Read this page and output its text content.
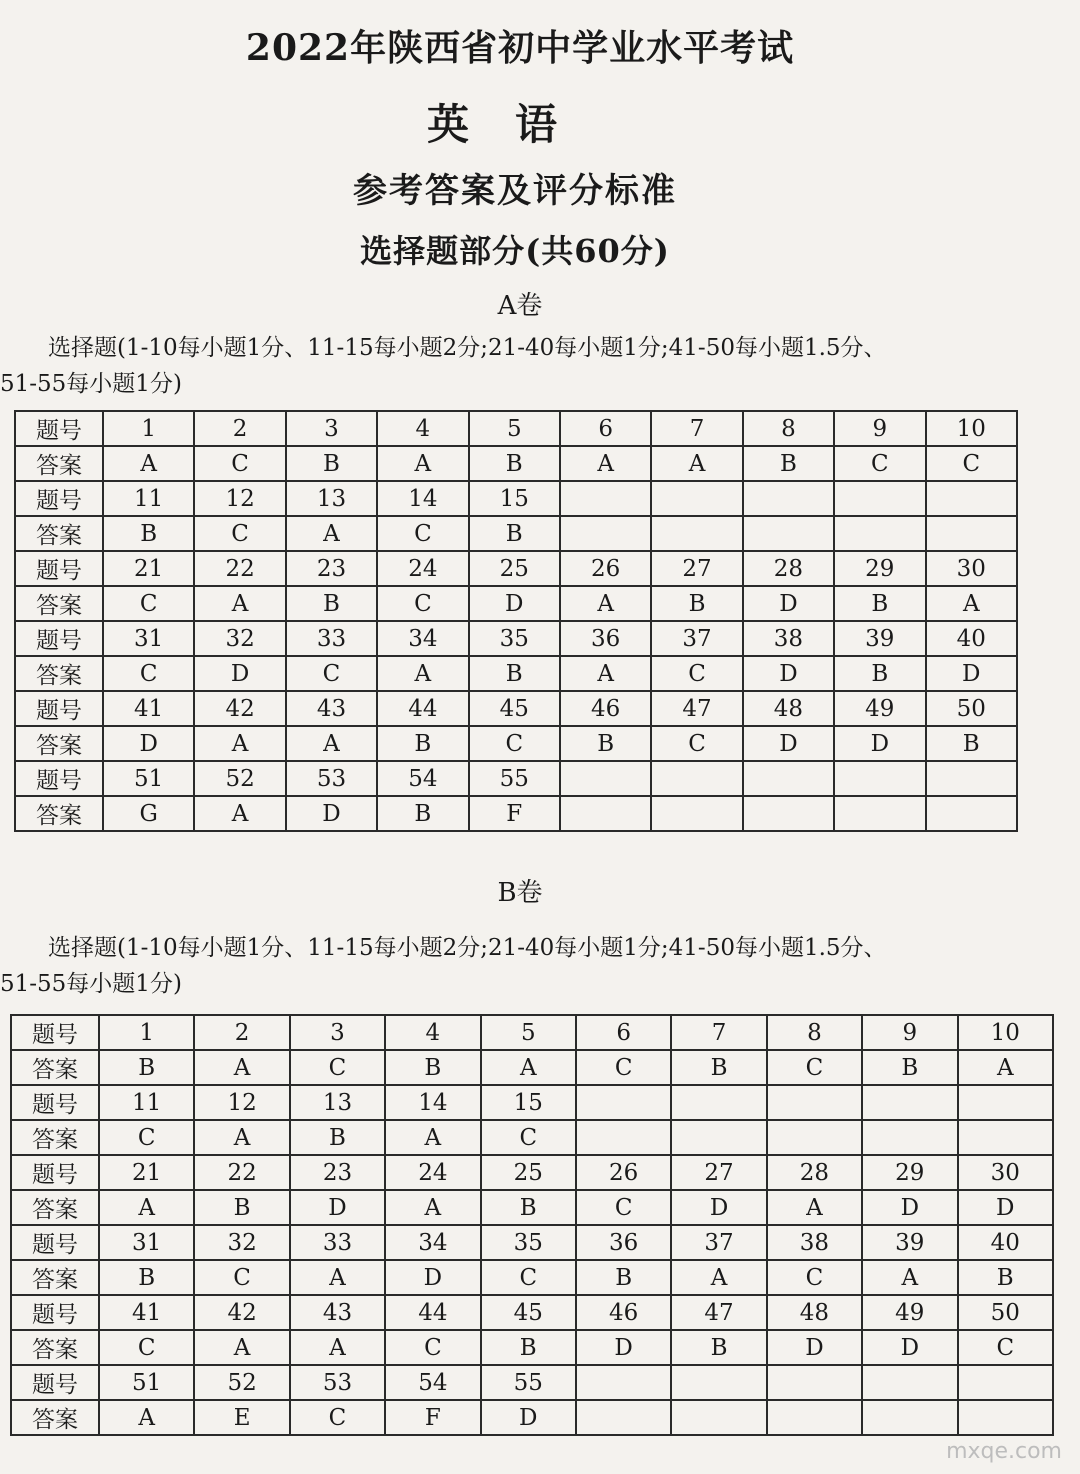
2022年陕西省初中学业水平考试
英语
参考答案及评分标准
选择题部分(共60分)
A卷
选择题(1-10每小题1分、11-15每小题2分;21-40每小题1分;41-50每小题1.5分、
51-55每小题1分)
题号	1	2	3	4	5	6	7	8	9	10
答案	A	C	B	A	B	A	A	B	C	C
题号	11	12	13	14	15					
答案	B	C	A	C	B					
题号	21	22	23	24	25	26	27	28	29	30
答案	C	A	B	C	D	A	B	D	B	A
题号	31	32	33	34	35	36	37	38	39	40
答案	C	D	C	A	B	A	C	D	B	D
题号	41	42	43	44	45	46	47	48	49	50
答案	D	A	A	B	C	B	C	D	D	B
题号	51	52	53	54	55					
答案	G	A	D	B	F					
B卷
选择题(1-10每小题1分、11-15每小题2分;21-40每小题1分;41-50每小题1.5分、
51-55每小题1分)
题号	1	2	3	4	5	6	7	8	9	10
答案	B	A	C	B	A	C	B	C	B	A
题号	11	12	13	14	15					
答案	C	A	B	A	C					
题号	21	22	23	24	25	26	27	28	29	30
答案	A	B	D	A	B	C	D	A	D	D
题号	31	32	33	34	35	36	37	38	39	40
答案	B	C	A	D	C	B	A	C	A	B
题号	41	42	43	44	45	46	47	48	49	50
答案	C	A	A	C	B	D	B	D	D	C
题号	51	52	53	54	55					
答案	A	E	C	F	D					
mxqe.com
